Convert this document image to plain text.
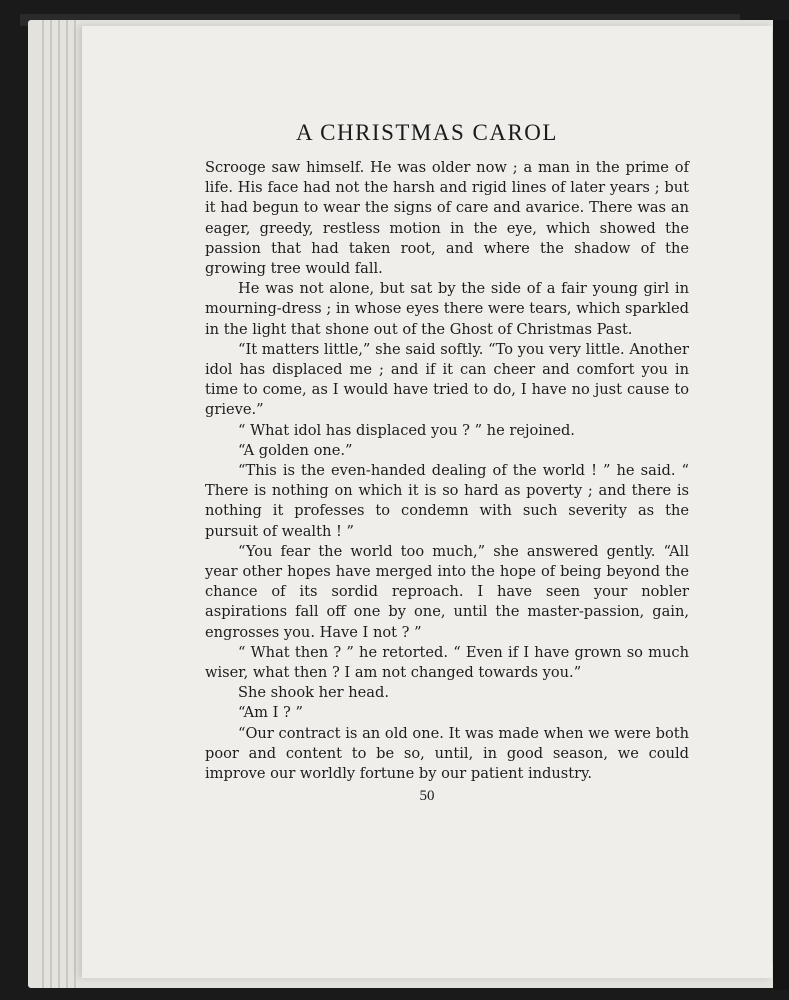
A CHRISTMAS CAROL

Scrooge saw himself. He was older now ; a man in the prime of life. His face had not the harsh and rigid lines of later years ; but it had begun to wear the signs of care and avarice. There was an eager, greedy, restless motion in the eye, which showed the passion that had taken root, and where the shadow of the growing tree would fall.

He was not alone, but sat by the side of a fair young girl in mourning-dress ; in whose eyes there were tears, which sparkled in the light that shone out of the Ghost of Christmas Past.

“It matters little,” she said softly. “To you very little. Another idol has displaced me ; and if it can cheer and comfort you in time to come, as I would have tried to do, I have no just cause to grieve.”

“ What idol has displaced you ? ” he rejoined.

“A golden one.”

“This is the even-handed dealing of the world ! ” he said. “ There is nothing on which it is so hard as poverty ; and there is nothing it professes to condemn with such severity as the pursuit of wealth ! ”

“You fear the world too much,” she answered gently. “All year other hopes have merged into the hope of being beyond the chance of its sordid reproach. I have seen your nobler aspirations fall off one by one, until the master-passion, gain, engrosses you. Have I not ? ”

“ What then ? ” he retorted. “ Even if I have grown so much wiser, what then ? I am not changed towards you.”

She shook her head.

“Am I ? ”

“Our contract is an old one. It was made when we were both poor and content to be so, until, in good season, we could improve our worldly fortune by our patient industry.

50
